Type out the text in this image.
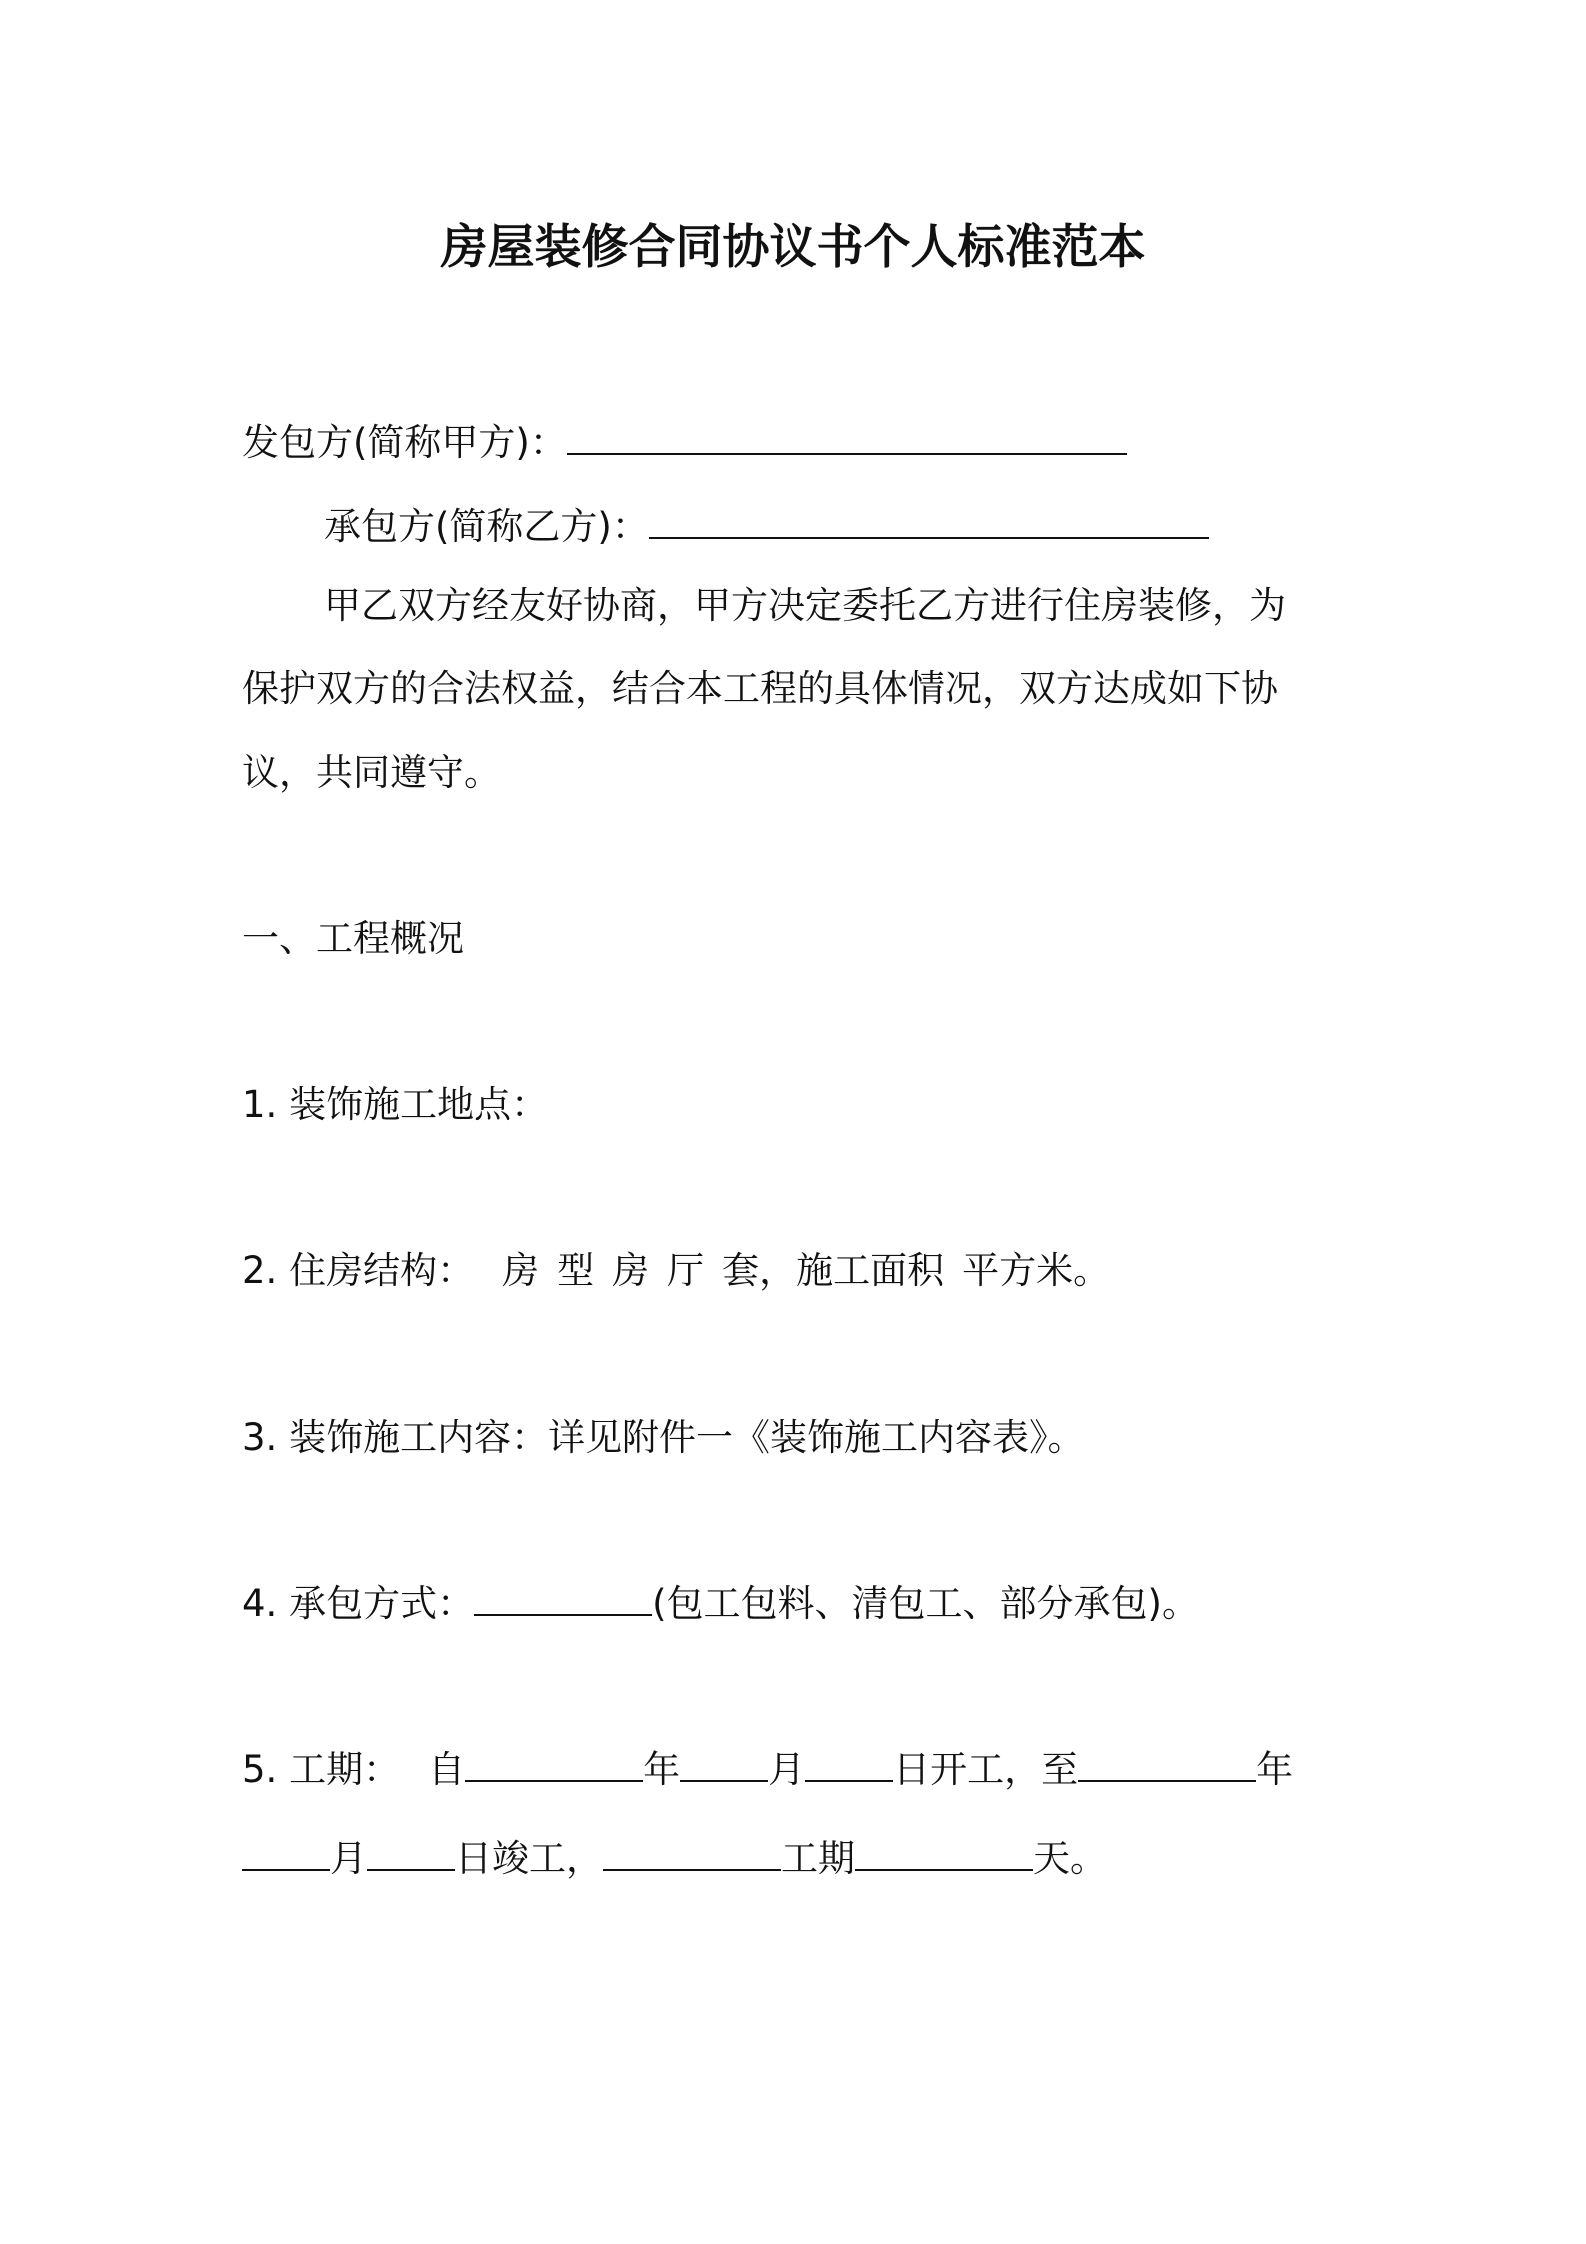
房屋装修合同协议书个人标准范本
发包方(简称甲方)：
承包方(简称乙方)：
甲乙双方经友好协商，甲方决定委托乙方进行住房装修，为
保护双方的合法权益，结合本工程的具体情况，双方达成如下协
议，共同遵守。
一、工程概况
1. 装饰施工地点：
2. 住房结构： 房 型 房 厅 套，施工面积 平方米。
3. 装饰施工内容：详见附件一《装饰施工内容表》。
4. 承包方式：	(包工包料、清包工、部分承包)。
5. 工期： 自	年 月 日开工，至	年
月 日竣工，	工期	天。
